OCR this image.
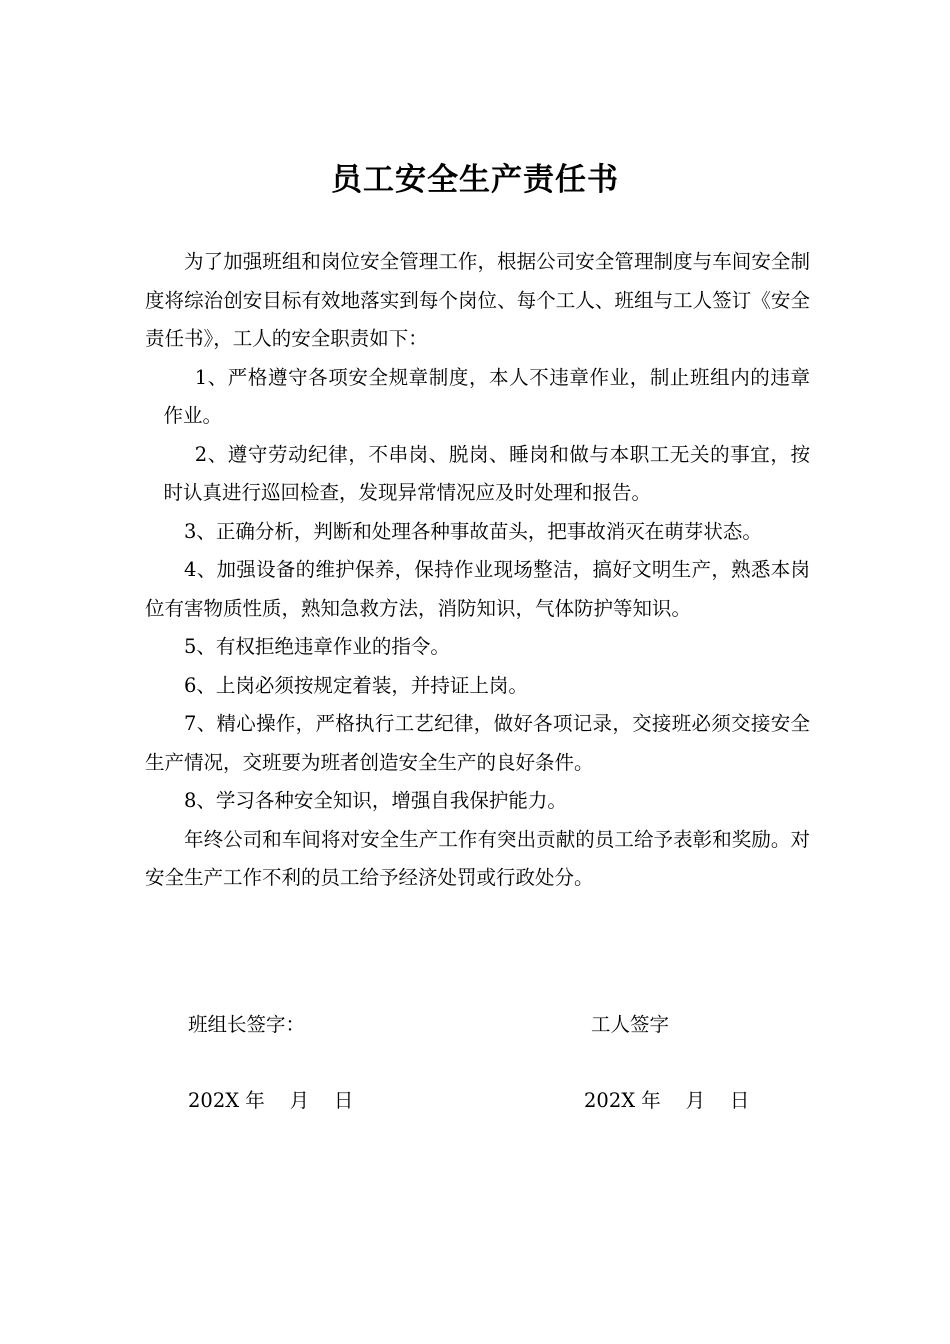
员工安全生产责任书

为了加强班组和岗位安全管理工作，根据公司安全管理制度与车间安全制度将综治创安目标有效地落实到每个岗位、每个工人、班组与工人签订《安全责任书》，工人的安全职责如下：

1、严格遵守各项安全规章制度，本人不违章作业，制止班组内的违章作业。

2、遵守劳动纪律，不串岗、脱岗、睡岗和做与本职工无关的事宜，按时认真进行巡回检查，发现异常情况应及时处理和报告。

3、正确分析，判断和处理各种事故苗头，把事故消灭在萌芽状态。

4、加强设备的维护保养，保持作业现场整洁，搞好文明生产，熟悉本岗位有害物质性质，熟知急救方法，消防知识，气体防护等知识。

5、有权拒绝违章作业的指令。

6、上岗必须按规定着装，并持证上岗。

7、精心操作，严格执行工艺纪律，做好各项记录，交接班必须交接安全生产情况，交班要为班者创造安全生产的良好条件。

8、学习各种安全知识，增强自我保护能力。

年终公司和车间将对安全生产工作有突出贡献的员工给予表彰和奖励。对安全生产工作不利的员工给予经济处罚或行政处分。

班组长签字：	工人签字
202X 年    月    日	202X 年    月    日
